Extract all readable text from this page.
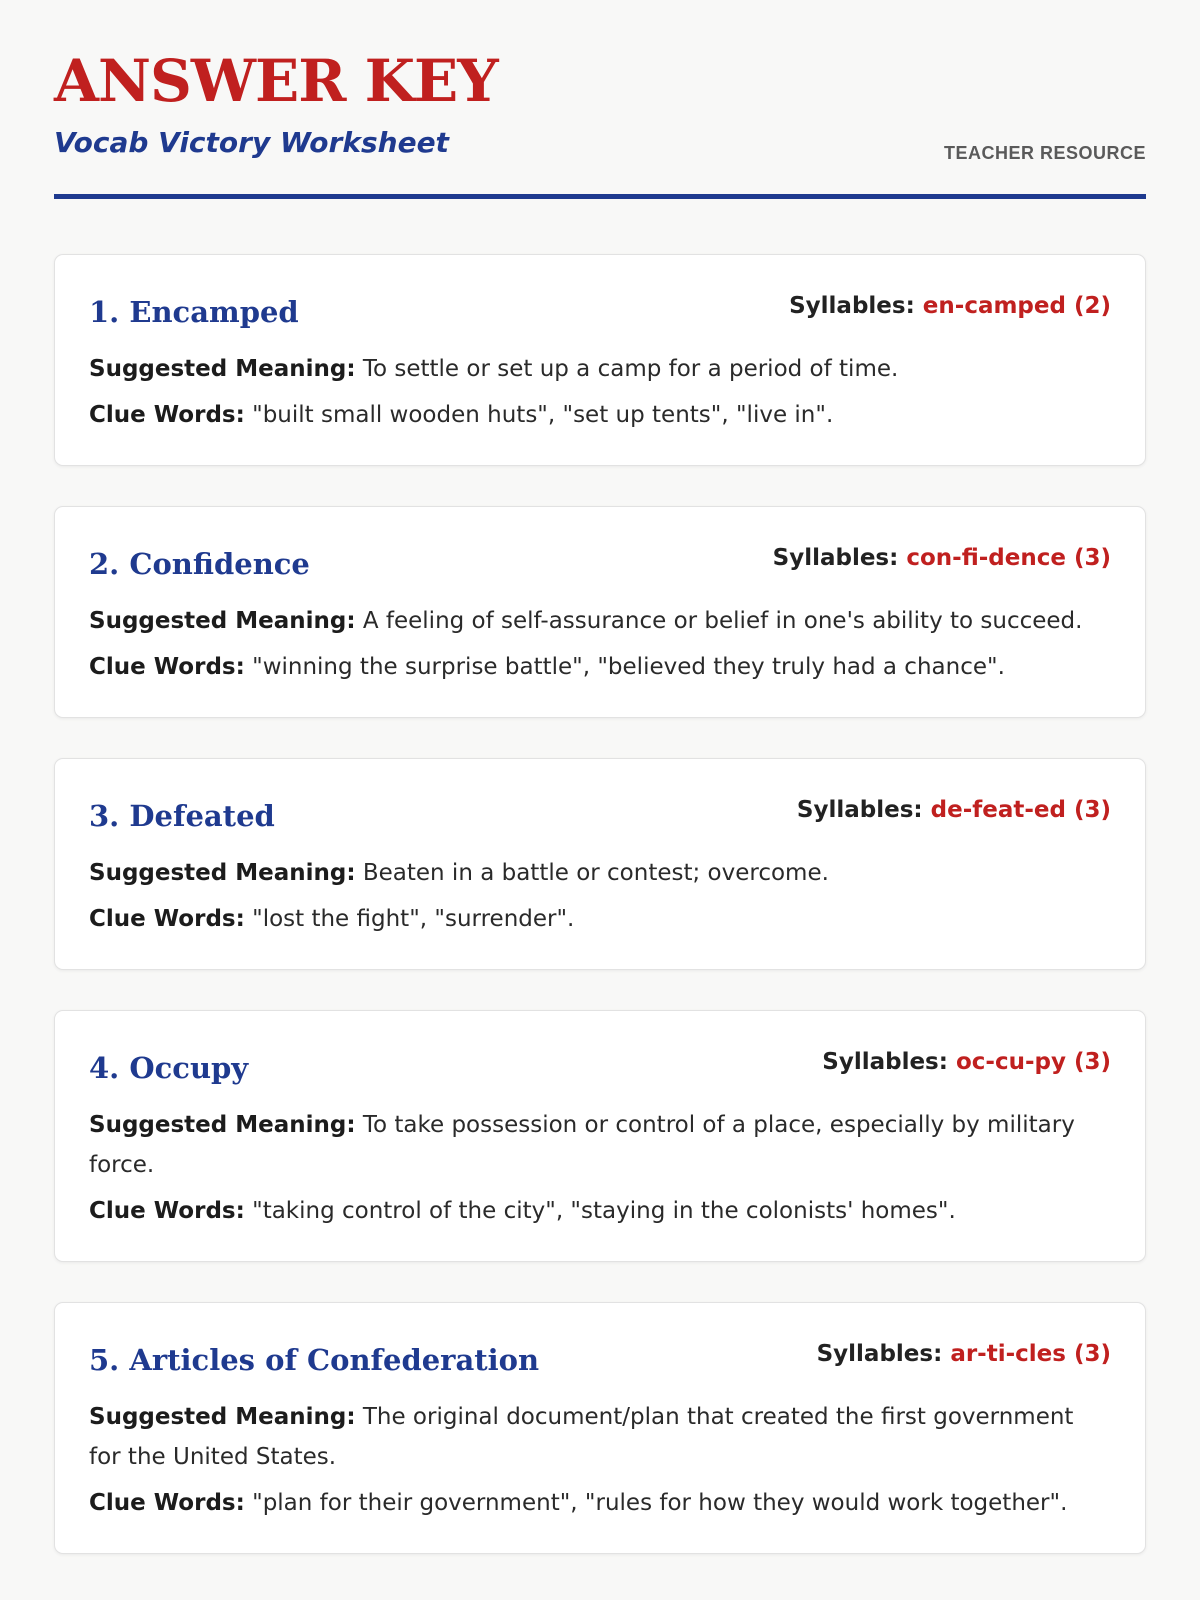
ANSWER KEY
Vocab Victory Worksheet	TEACHER RESOURCE
1. Encamped	Syllables: en-camped (2)

Suggested Meaning: To settle or set up a camp for a period of time.

Clue Words: "built small wooden huts", "set up tents", "live in".

2. Confidence	Syllables: con-fi-dence (3)

Suggested Meaning: A feeling of self-assurance or belief in one's ability to succeed.

Clue Words: "winning the surprise battle", "believed they truly had a chance".

3. Defeated	Syllables: de-feat-ed (3)

Suggested Meaning: Beaten in a battle or contest; overcome.

Clue Words: "lost the fight", "surrender".

4. Occupy	Syllables: oc-cu-py (3)

Suggested Meaning: To take possession or control of a place, especially by military force.

Clue Words: "taking control of the city", "staying in the colonists' homes".

5. Articles of Confederation	Syllables: ar-ti-cles (3)

Suggested Meaning: The original document/plan that created the first government for the United States.

Clue Words: "plan for their government", "rules for how they would work together".
